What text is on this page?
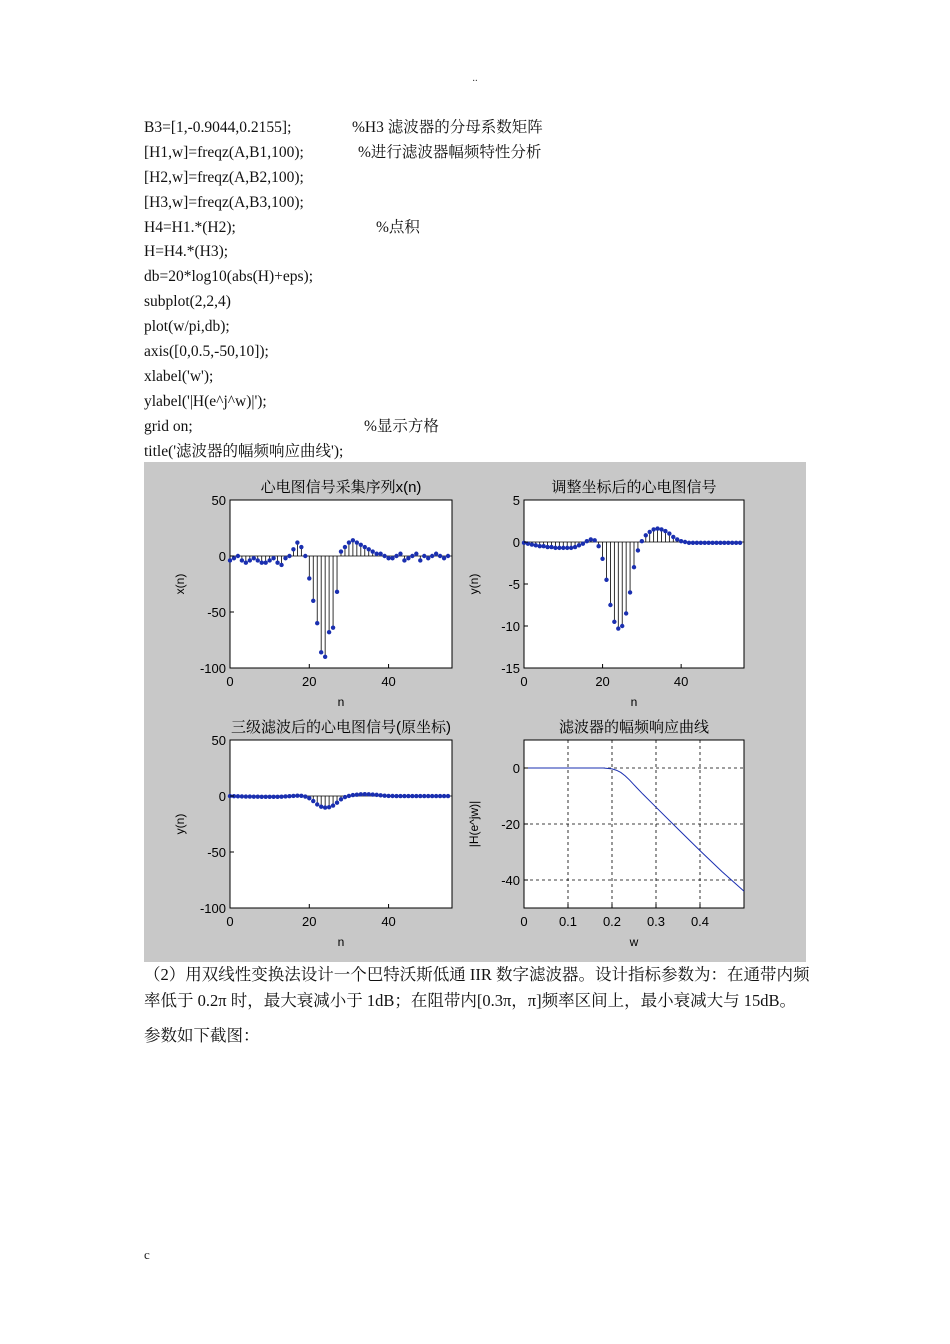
..
B3=[1,-0.9044,0.2155];	%H3 滤波器的分母系数矩阵
[H1,w]=freqz(A,B1,100);	%进行滤波器幅频特性分析
[H2,w]=freqz(A,B2,100);
[H3,w]=freqz(A,B3,100);
H4=H1.*(H2);	%点积
H=H4.*(H3);
db=20*log10(abs(H)+eps);
subplot(2,2,4)
plot(w/pi,db);
axis([0,0.5,-50,10]);
xlabel('w');
ylabel('|H(e^j^w)|');
grid on;	%显示方格
title('滤波器的幅频响应曲线');
0	20	40
50
0
-50
-100
心电图信号采集序列x(n)
n
x(n)
0	20	40
5
0
-5
-10
-15
调整坐标后的心电图信号
n
y(n)
0	20	40
50
0
-50
-100
三级滤波后的心电图信号(原坐标)
n
y(n)
0 0.1 0.2 0.3 0.4
0
-20
-40
滤波器的幅频响应曲线
w
|H(e^jw)|

（2）用双线性变换法设计一个巴特沃斯低通 IIR 数字滤波器。设计指标参数为：在通带内频率低于 0.2π 时，最大衰减小于 1dB；在阻带内[0.3π，π]频率区间上，最小衰减大与 15dB。

参数如下截图：

c
